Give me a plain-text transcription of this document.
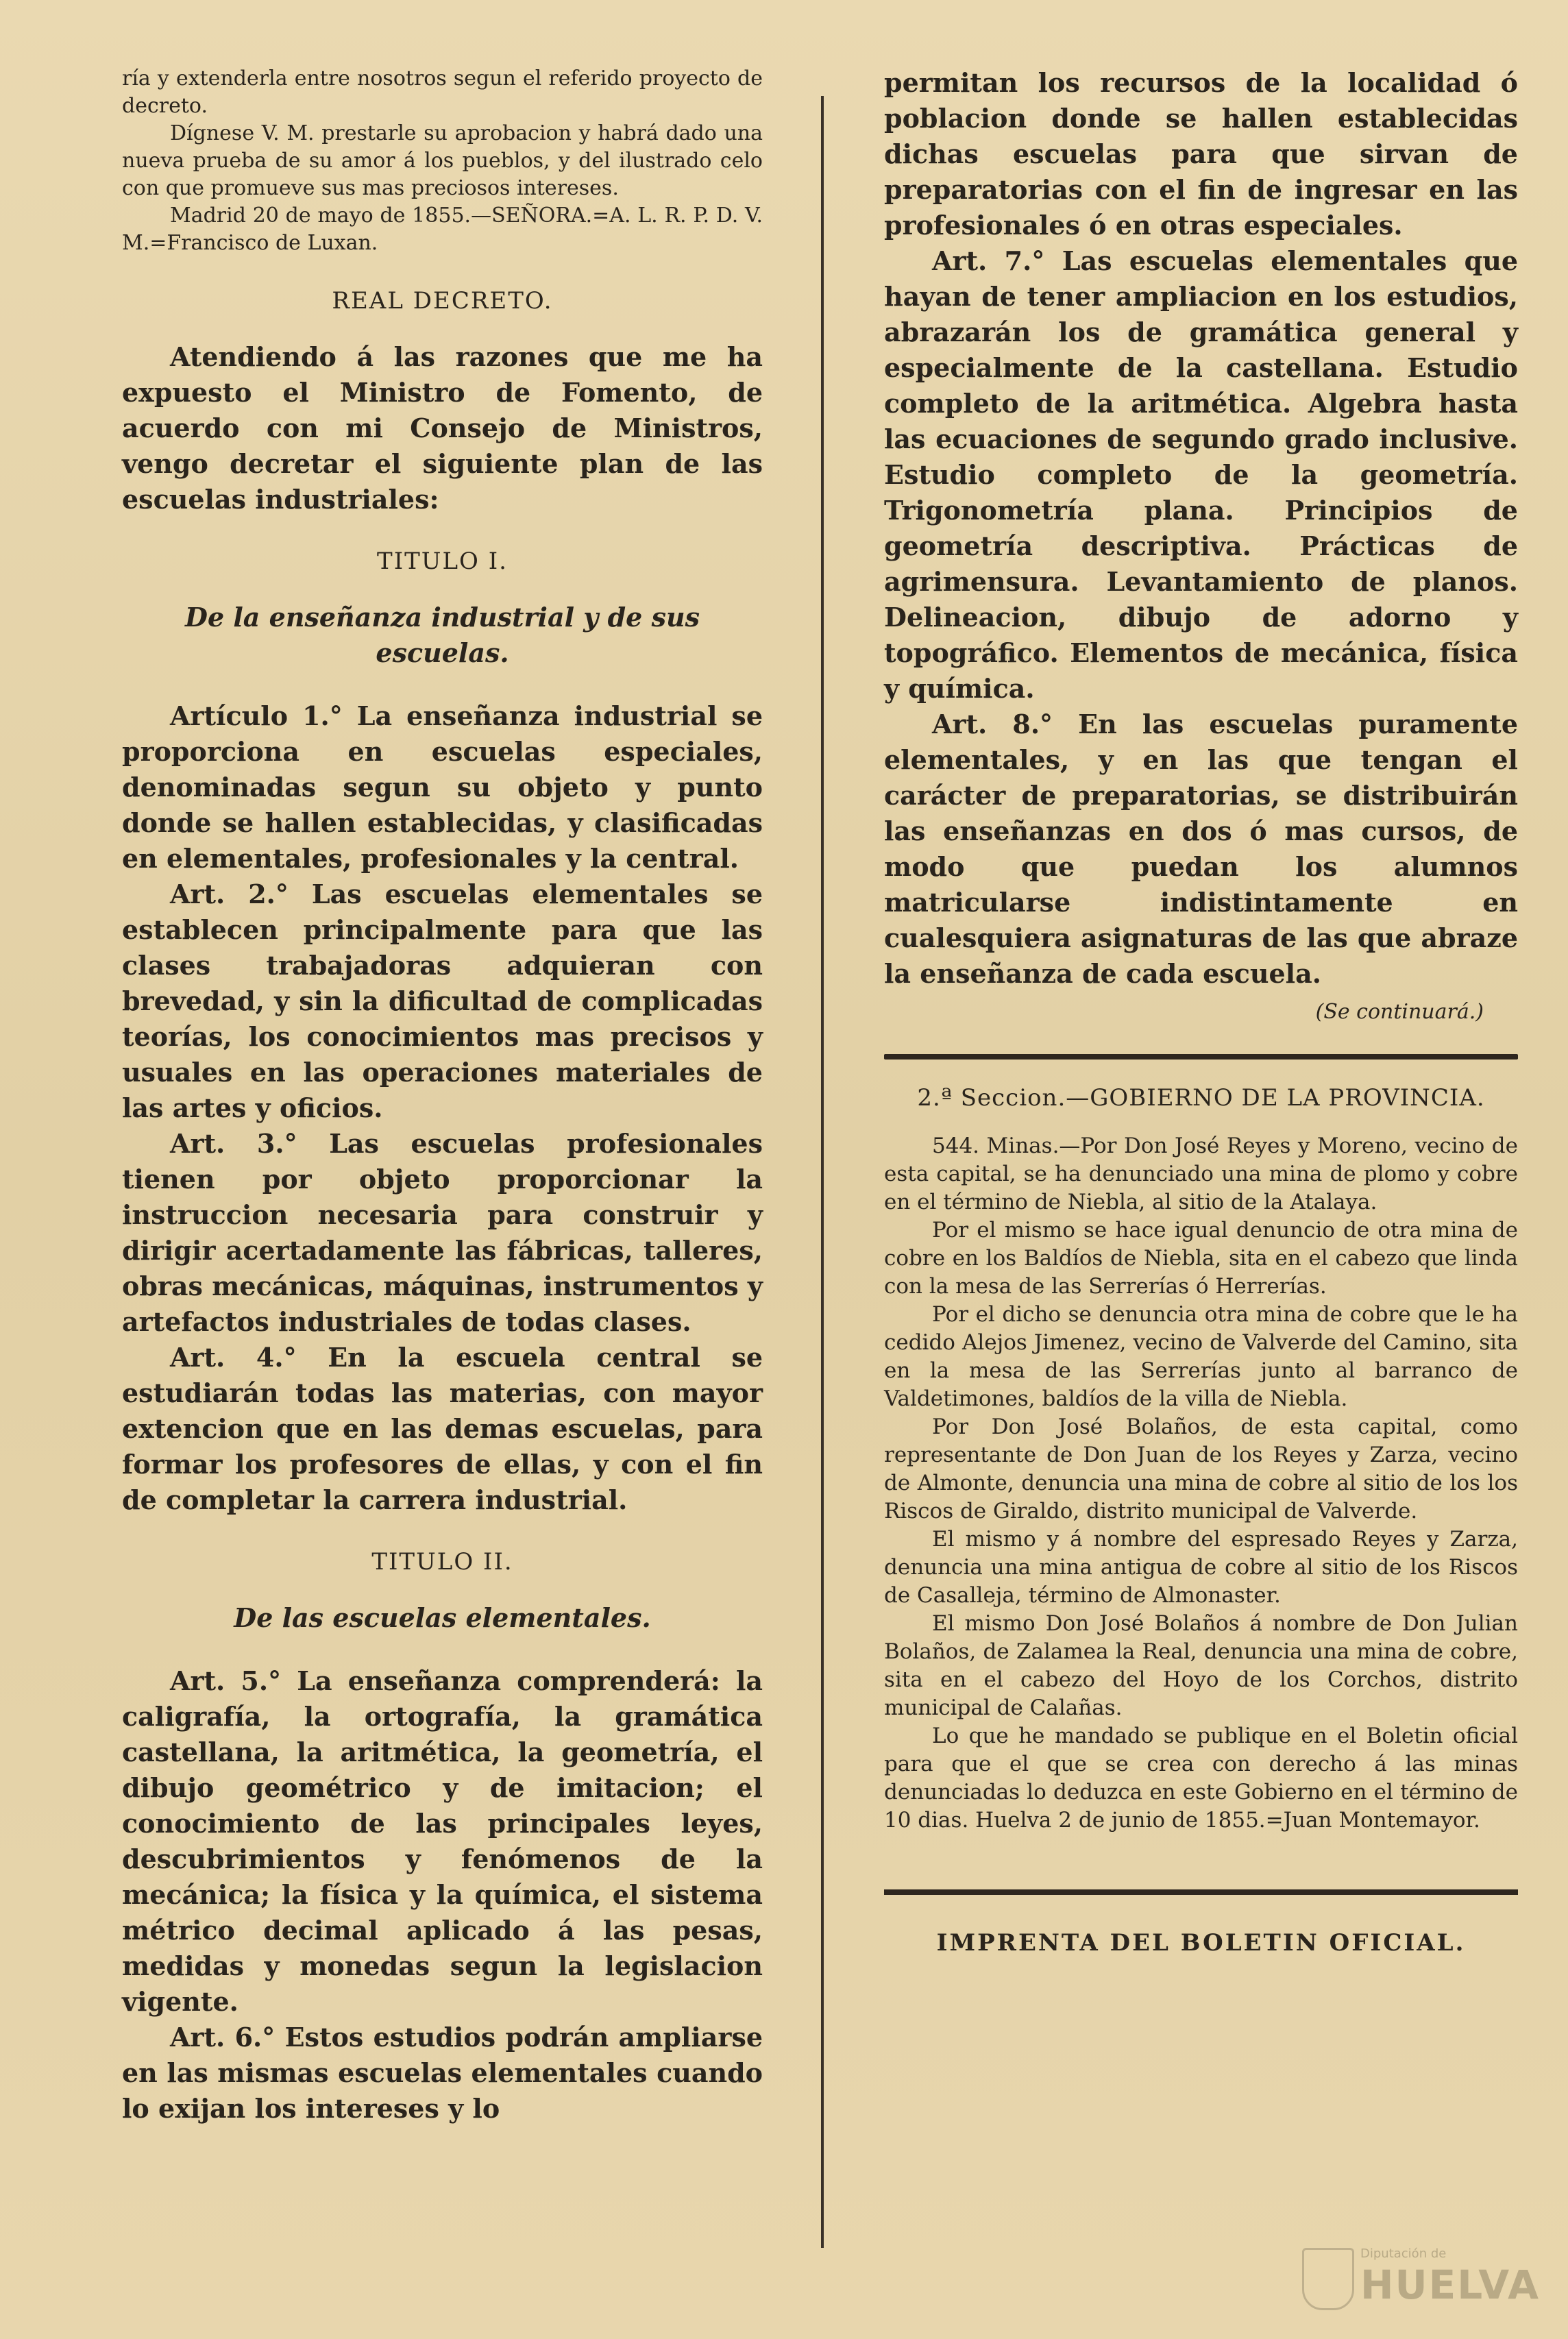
ría y extenderla entre nosotros segun el referido proyecto de decreto.

Dígnese V. M. prestarle su aprobacion y habrá dado una nueva prueba de su amor á los pueblos, y del ilustrado celo con que promueve sus mas preciosos intereses.

Madrid 20 de mayo de 1855.—SEÑORA.=A. L. R. P. D. V. M.=Francisco de Luxan.

REAL DECRETO.

Atendiendo á las razones que me ha expuesto el Ministro de Fomento, de acuerdo con mi Consejo de Ministros, vengo decretar el siguiente plan de las escuelas industriales:

TITULO I.
De la enseñanza industrial y de sus escuelas.

Artículo 1.° La enseñanza industrial se proporciona en escuelas especiales, denominadas segun su objeto y punto donde se hallen establecidas, y clasificadas en elementales, profesionales y la central.

Art. 2.° Las escuelas elementales se establecen principalmente para que las clases trabajadoras adquieran con brevedad, y sin la dificultad de complicadas teorías, los conocimientos mas precisos y usuales en las operaciones materiales de las artes y oficios.

Art. 3.° Las escuelas profesionales tienen por objeto proporcionar la instruccion necesaria para construir y dirigir acertadamente las fábricas, talleres, obras mecánicas, máquinas, instrumentos y artefactos industriales de todas clases.

Art. 4.° En la escuela central se estudiarán todas las materias, con mayor extencion que en las demas escuelas, para formar los profesores de ellas, y con el fin de completar la carrera industrial.

TITULO II.
De las escuelas elementales.

Art. 5.° La enseñanza comprenderá: la caligrafía, la ortografía, la gramática castellana, la aritmética, la geometría, el dibujo geométrico y de imitacion; el conocimiento de las principales leyes, descubrimientos y fenómenos de la mecánica; la física y la química, el sistema métrico decimal aplicado á las pesas, medidas y monedas segun la legislacion vigente.

Art. 6.° Estos estudios podrán ampliarse en las mismas escuelas elementales cuando lo exijan los intereses y lo

permitan los recursos de la localidad ó poblacion donde se hallen establecidas dichas escuelas para que sirvan de preparatorias con el fin de ingresar en las profesionales ó en otras especiales.

Art. 7.° Las escuelas elementales que hayan de tener ampliacion en los estudios, abrazarán los de gramática general y especialmente de la castellana. Estudio completo de la aritmética. Algebra hasta las ecuaciones de segundo grado inclusive. Estudio completo de la geometría. Trigonometría plana. Principios de geometría descriptiva. Prácticas de agrimensura. Levantamiento de planos. Delineacion, dibujo de adorno y topográfico. Elementos de mecánica, física y química.

Art. 8.° En las escuelas puramente elementales, y en las que tengan el carácter de preparatorias, se distribuirán las enseñanzas en dos ó mas cursos, de modo que puedan los alumnos matricularse indistintamente en cualesquiera asignaturas de las que abraze la enseñanza de cada escuela.

(Se continuará.)
2.ª Seccion.—GOBIERNO DE LA PROVINCIA.

544. Minas.—Por Don José Reyes y Moreno, vecino de esta capital, se ha denunciado una mina de plomo y cobre en el término de Niebla, al sitio de la Atalaya.

Por el mismo se hace igual denuncio de otra mina de cobre en los Baldíos de Niebla, sita en el cabezo que linda con la mesa de las Serrerías ó Herrerías.

Por el dicho se denuncia otra mina de cobre que le ha cedido Alejos Jimenez, vecino de Valverde del Camino, sita en la mesa de las Serrerías junto al barranco de Valdetimones, baldíos de la villa de Niebla.

Por Don José Bolaños, de esta capital, como representante de Don Juan de los Reyes y Zarza, vecino de Almonte, denuncia una mina de cobre al sitio de los los Riscos de Giraldo, distrito municipal de Valverde.

El mismo y á nombre del espresado Reyes y Zarza, denuncia una mina antigua de cobre al sitio de los Riscos de Casalleja, término de Almonaster.

El mismo Don José Bolaños á nombre de Don Julian Bolaños, de Zalamea la Real, denuncia una mina de cobre, sita en el cabezo del Hoyo de los Corchos, distrito municipal de Calañas.

Lo que he mandado se publique en el Boletin oficial para que el que se crea con derecho á las minas denunciadas lo deduzca en este Gobierno en el término de 10 dias. Huelva 2 de junio de 1855.=Juan Montemayor.

IMPRENTA DEL BOLETIN OFICIAL.
Diputación de
HUELVA
